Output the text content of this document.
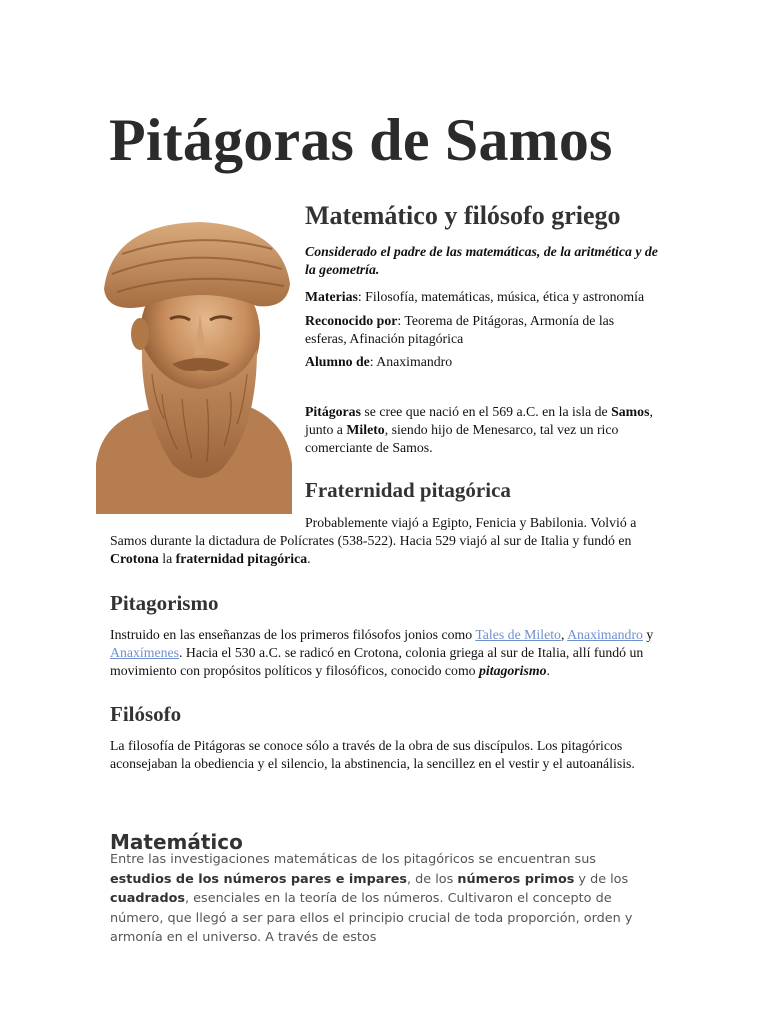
Pitágoras de Samos
Matemático y filósofo griego

Considerado el padre de las matemáticas, de la aritmética y de la geometría.

Materias: Filosofía, matemáticas, música, ética y astronomía

Reconocido por: Teorema de Pitágoras, Armonía de las esferas, Afinación pitagórica

Alumno de: Anaximandro

Pitágoras se cree que nació en el 569 a.C. en la isla de Samos, junto a Mileto, siendo hijo de Menesarco, tal vez un rico comerciante de Samos.

Fraternidad pitagórica

Probablemente viajó a Egipto, Fenicia y Babilonia. Volvió a Samos durante la dictadura de Polícrates (538-522). Hacia 529 viajó al sur de Italia y fundó en Crotona la fraternidad pitagórica.

Pitagorismo

Instruido en las enseñanzas de los primeros filósofos jonios como Tales de Mileto, Anaximandro y Anaxímenes. Hacia el 530 a.C. se radicó en Crotona, colonia griega al sur de Italia, allí fundó un movimiento con propósitos políticos y filosóficos, conocido como pitagorismo.

Filósofo

La filosofía de Pitágoras se conoce sólo a través de la obra de sus discípulos. Los pitagóricos aconsejaban la obediencia y el silencio, la abstinencia, la sencillez en el vestir y el autoanálisis.

Matemático

Entre las investigaciones matemáticas de los pitagóricos se encuentran sus estudios de los números pares e impares, de los números primos y de los cuadrados, esenciales en la teoría de los números. Cultivaron el concepto de número, que llegó a ser para ellos el principio crucial de toda proporción, orden y armonía en el universo. A través de estos
